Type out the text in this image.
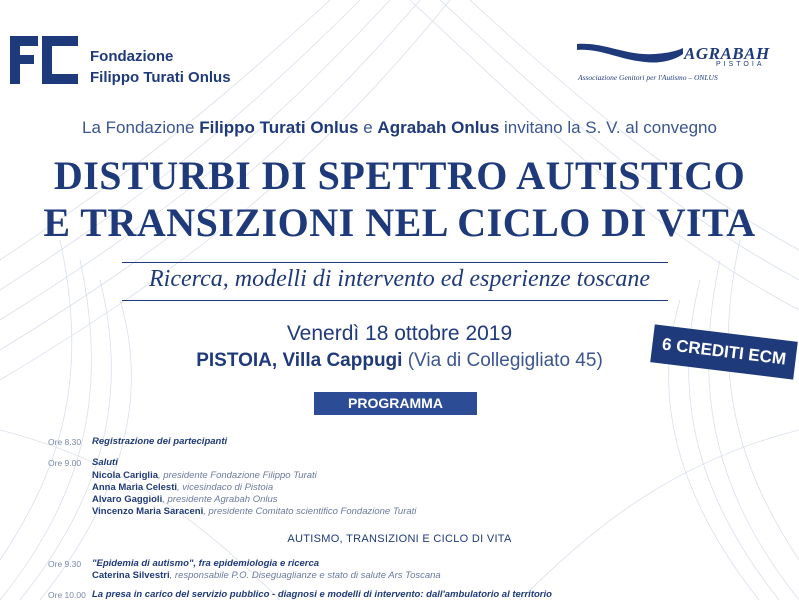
Fondazione
Filippo Turati Onlus
AGRABAH
PISTOIA
Associazione Genitori per l'Autismo – ONLUS
La Fondazione Filippo Turati Onlus e Agrabah Onlus invitano la S. V. al convegno
DISTURBI DI SPETTRO AUTISTICO
E TRANSIZIONI NEL CICLO DI VITA
Ricerca, modelli di intervento ed esperienze toscane
Venerdì 18 ottobre 2019
PISTOIA, Villa Cappugi (Via di Collegigliato 45)	6 CREDITI ECM
PROGRAMMA
Ore 8.30 Registrazione dei partecipanti
Ore 9.00 Saluti
Nicola Cariglia, presidente Fondazione Filippo Turati
Anna Maria Celesti, vicesindaco di Pistoia
Alvaro Gaggioli, presidente Agrabah Onlus
Vincenzo Maria Saraceni, presidente Comitato scientifico Fondazione Turati
AUTISMO, TRANSIZIONI E CICLO DI VITA
Ore 9.30 "Epidemia di autismo", fra epidemiologia e ricerca
Caterina Silvestri, responsabile P.O. Diseguaglianze e stato di salute Ars Toscana
Ore 10.00 La presa in carico del servizio pubblico - diagnosi e modelli di intervento: dall'ambulatorio al territorio
